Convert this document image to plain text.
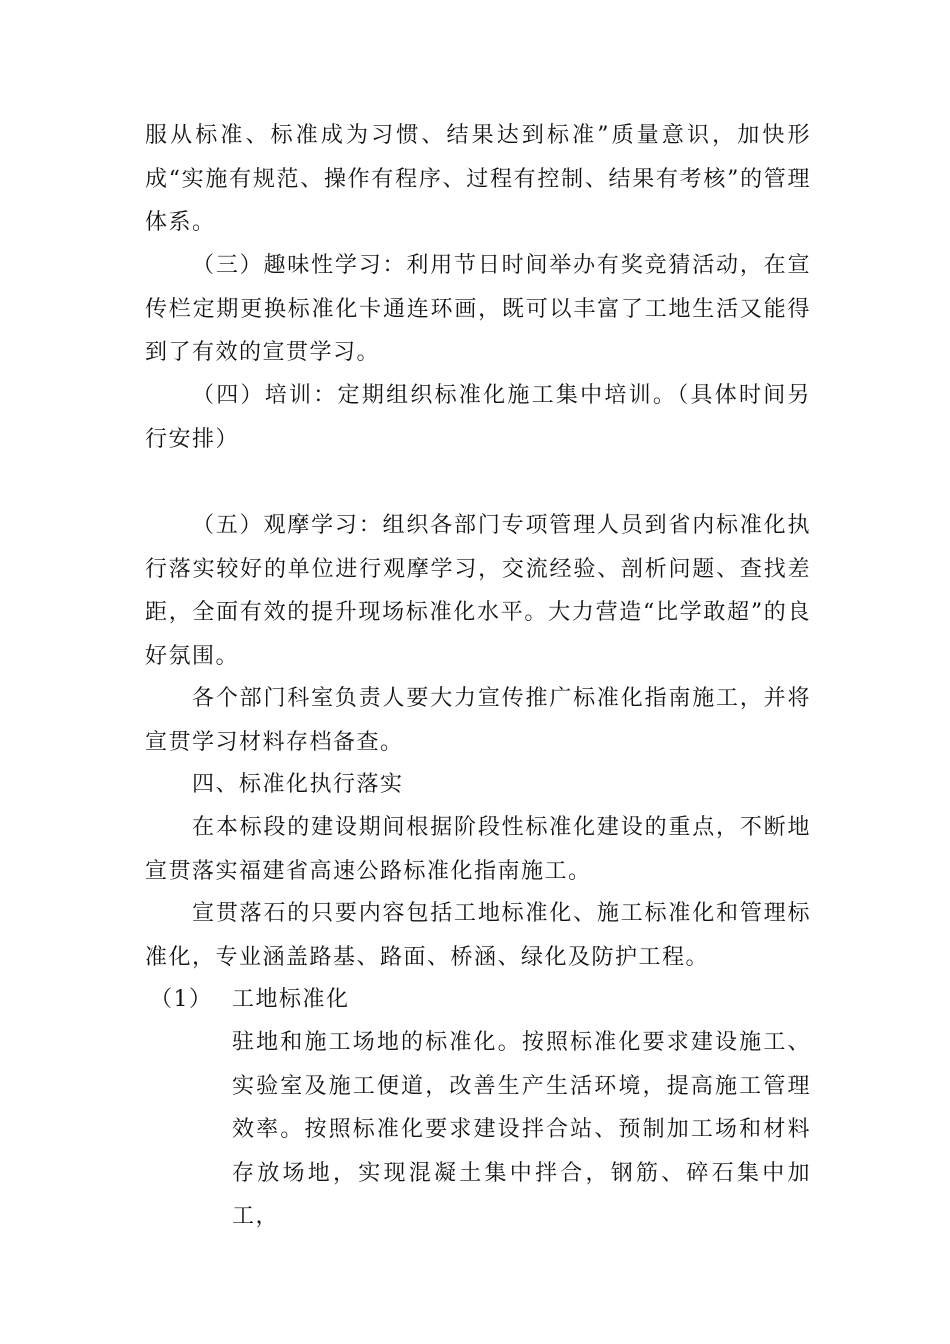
服从标准、标准成为习惯、结果达到标准”质量意识，加快形成“实施有规范、操作有程序、过程有控制、结果有考核”的管理体系。

（三）趣味性学习：利用节日时间举办有奖竞猜活动，在宣传栏定期更换标准化卡通连环画，既可以丰富了工地生活又能得到了有效的宣贯学习。

（四）培训：定期组织标准化施工集中培训。（具体时间另行安排）

（五）观摩学习：组织各部门专项管理人员到省内标准化执行落实较好的单位进行观摩学习，交流经验、剖析问题、查找差距，全面有效的提升现场标准化水平。大力营造“比学敢超”的良好氛围。

各个部门科室负责人要大力宣传推广标准化指南施工，并将宣贯学习材料存档备查。

四、标准化执行落实

在本标段的建设期间根据阶段性标准化建设的重点，不断地宣贯落实福建省高速公路标准化指南施工。

宣贯落石的只要内容包括工地标准化、施工标准化和管理标准化，专业涵盖路基、路面、桥涵、绿化及防护工程。

（1） 工地标准化

驻地和施工场地的标准化。按照标准化要求建设施工、实验室及施工便道，改善生产生活环境，提高施工管理效率。按照标准化要求建设拌合站、预制加工场和材料存放场地，实现混凝土集中拌合，钢筋、碎石集中加工，
